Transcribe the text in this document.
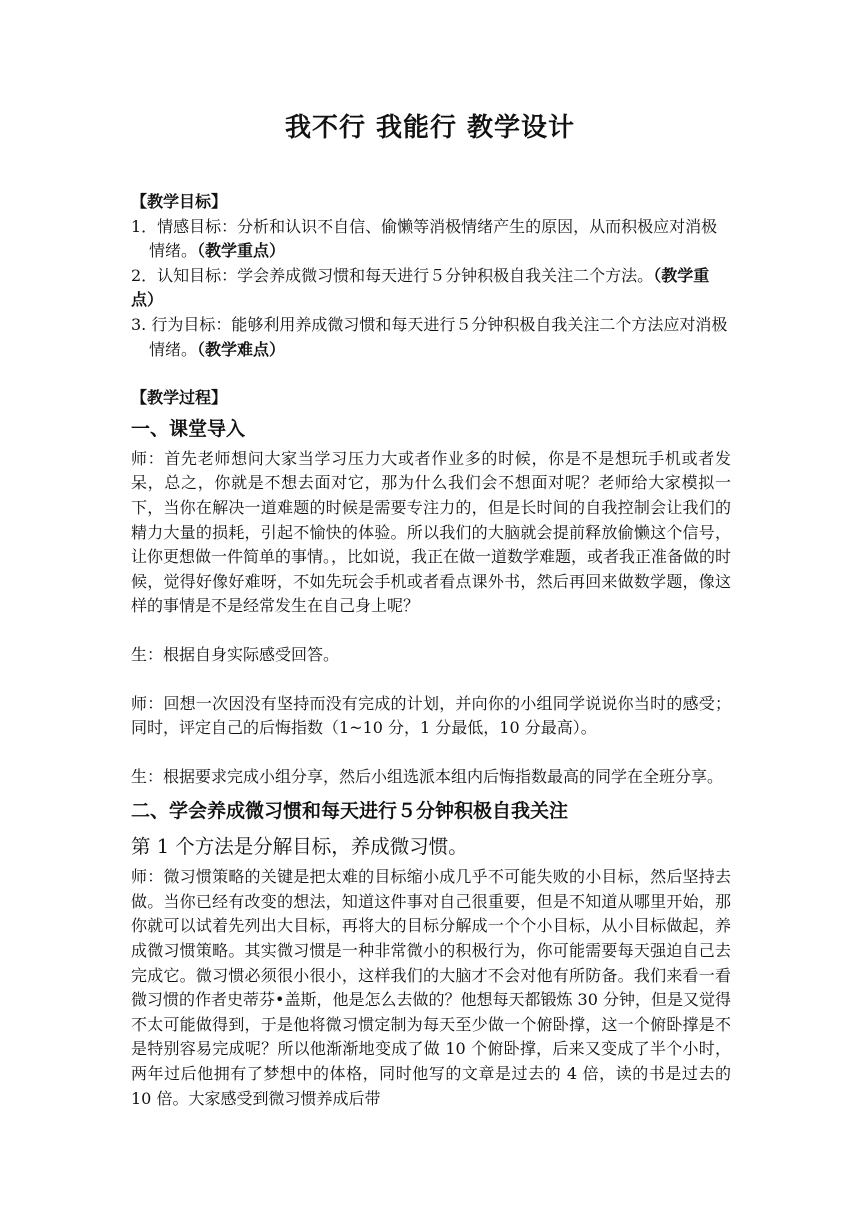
我不行 我能行 教学设计

【教学目标】

1．情感目标：分析和认识不自信、偷懒等消极情绪产生的原因，从而积极应对消极情绪。（教学重点）

2．认知目标：学会养成微习惯和每天进行５分钟积极自我关注二个方法。（教学重点）

3. 行为目标：能够利用养成微习惯和每天进行５分钟积极自我关注二个方法应对消极情绪。（教学难点）

【教学过程】

一、课堂导入

师：首先老师想问大家当学习压力大或者作业多的时候，你是不是想玩手机或者发呆，总之，你就是不想去面对它，那为什么我们会不想面对呢？老师给大家模拟一下，当你在解决一道难题的时候是需要专注力的，但是长时间的自我控制会让我们的精力大量的损耗，引起不愉快的体验。所以我们的大脑就会提前释放偷懒这个信号，让你更想做一件简单的事情。，比如说，我正在做一道数学难题，或者我正准备做的时候，觉得好像好难呀，不如先玩会手机或者看点课外书，然后再回来做数学题，像这样的事情是不是经常发生在自己身上呢？

生：根据自身实际感受回答。

师：回想一次因没有坚持而没有完成的计划，并向你的小组同学说说你当时的感受；同时，评定自己的后悔指数（1~10 分，1 分最低，10 分最高）。

生：根据要求完成小组分享，然后小组选派本组内后悔指数最高的同学在全班分享。

二、学会养成微习惯和每天进行５分钟积极自我关注

第 1 个方法是分解目标，养成微习惯。

师：微习惯策略的关键是把太难的目标缩小成几乎不可能失败的小目标，然后坚持去做。当你已经有改变的想法，知道这件事对自己很重要，但是不知道从哪里开始，那你就可以试着先列出大目标，再将大的目标分解成一个个小目标，从小目标做起，养成微习惯策略。其实微习惯是一种非常微小的积极行为，你可能需要每天强迫自己去完成它。微习惯必须很小很小，这样我们的大脑才不会对他有所防备。我们来看一看微习惯的作者史蒂芬•盖斯，他是怎么去做的？他想每天都锻炼 30 分钟，但是又觉得不太可能做得到，于是他将微习惯定制为每天至少做一个俯卧撑，这一个俯卧撑是不是特别容易完成呢？所以他渐渐地变成了做 10 个俯卧撑，后来又变成了半个小时，两年过后他拥有了梦想中的体格，同时他写的文章是过去的 4 倍，读的书是过去的 10 倍。大家感受到微习惯养成后带
